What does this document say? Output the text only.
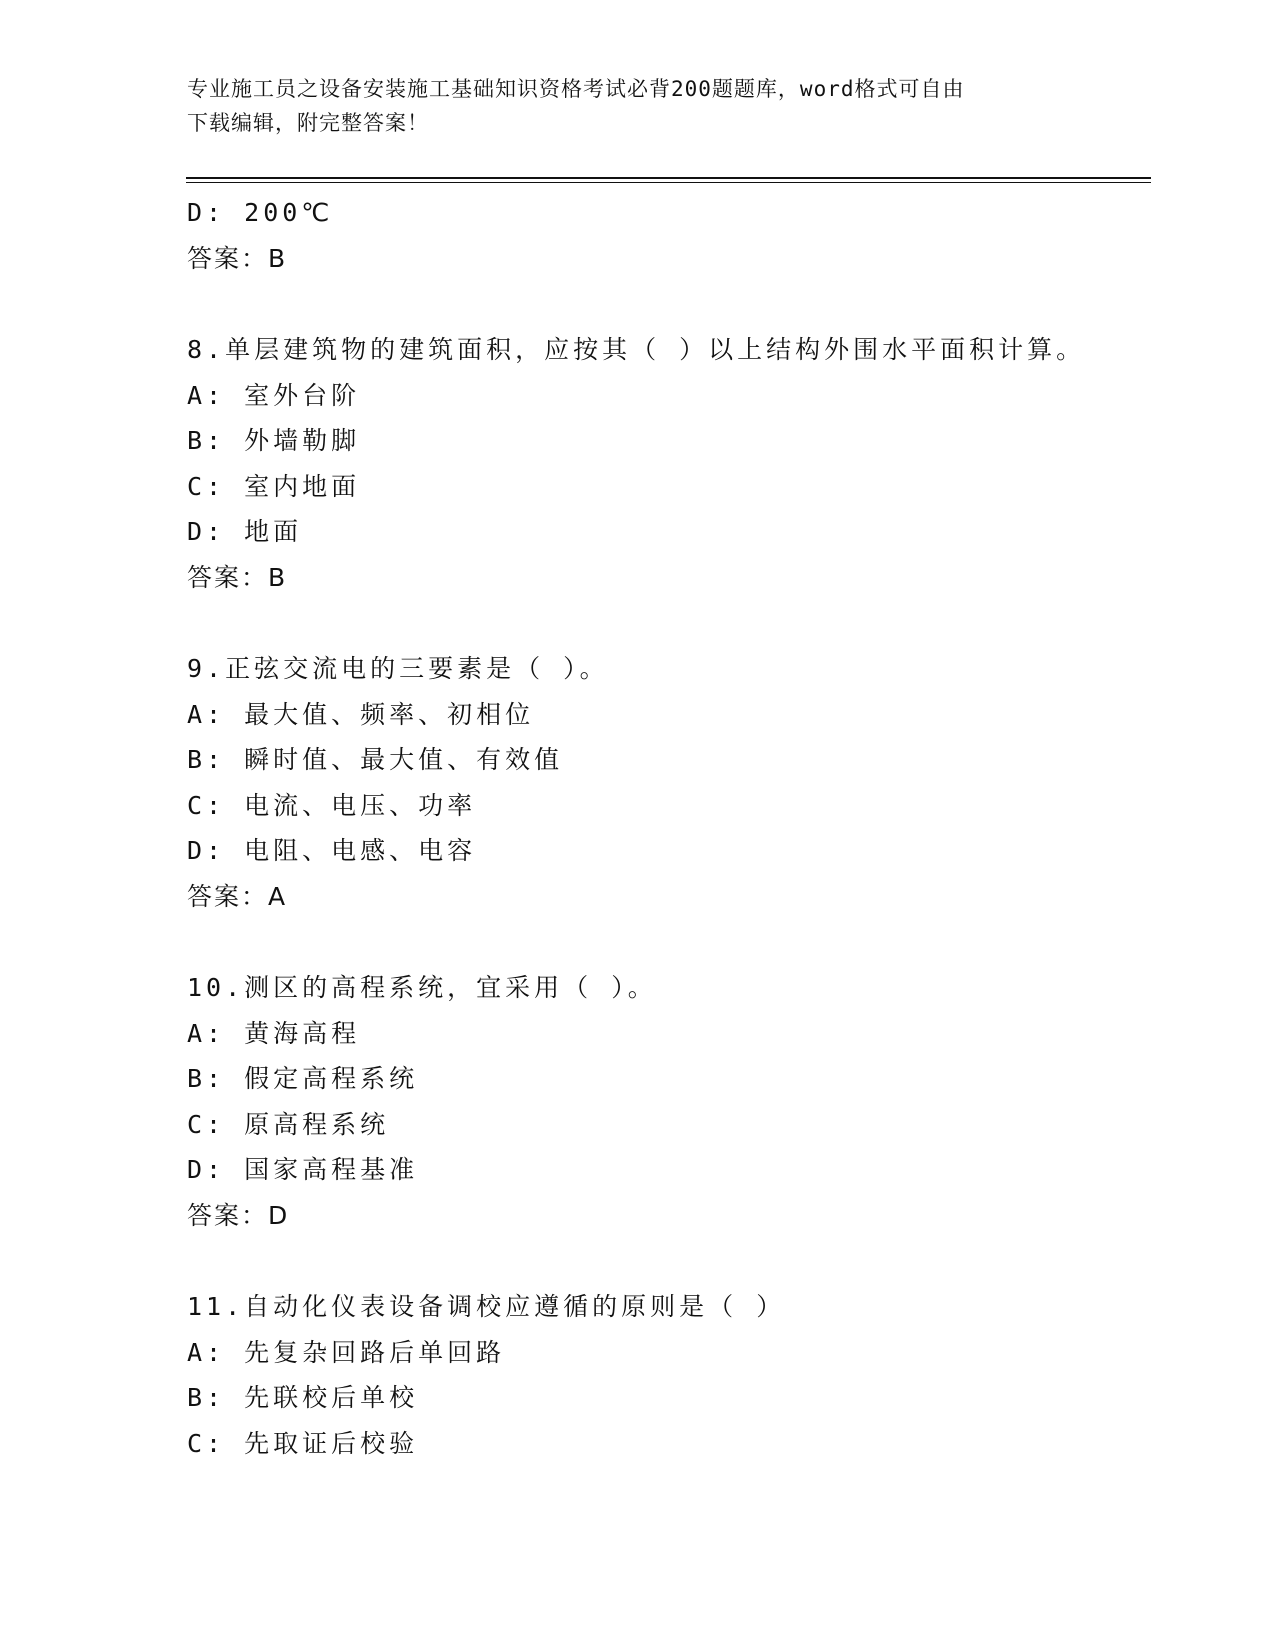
专业施工员之设备安装施工基础知识资格考试必背200题题库，word格式可自由
下载编辑，附完整答案！
D: 200℃
答案：B
8.单层建筑物的建筑面积，应按其（ ）以上结构外围水平面积计算。
A: 室外台阶
B: 外墙勒脚
C: 室内地面
D: 地面
答案：B
9.正弦交流电的三要素是（ ）。
A: 最大值、频率、初相位
B: 瞬时值、最大值、有效值
C: 电流、电压、功率
D: 电阻、电感、电容
答案：A
10.测区的高程系统，宜采用（ ）。
A: 黄海高程
B: 假定高程系统
C: 原高程系统
D: 国家高程基准
答案：D
11.自动化仪表设备调校应遵循的原则是（ ）
A: 先复杂回路后单回路
B: 先联校后单校
C: 先取证后校验
